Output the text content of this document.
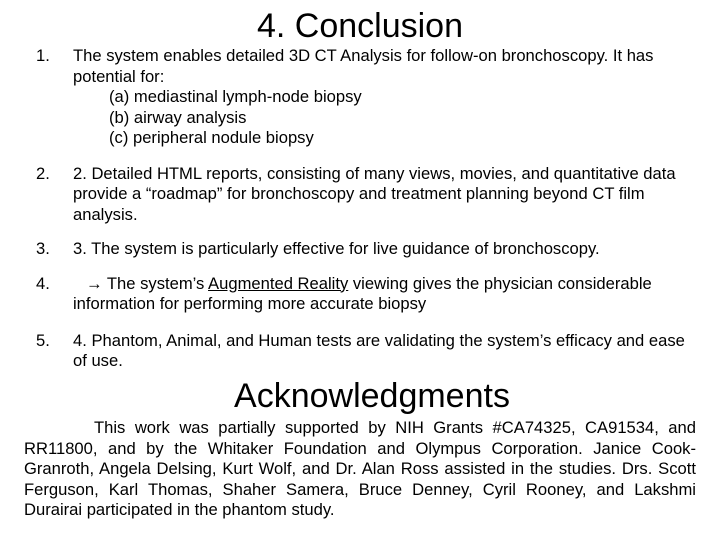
4. Conclusion
1. The system enables detailed 3D CT Analysis for follow-on bronchoscopy. It has potential for:
(a) mediastinal lymph-node biopsy
(b) airway analysis
(c) peripheral nodule biopsy
2. 2. Detailed HTML reports, consisting of many views, movies, and quantitative data provide a “roadmap” for bronchoscopy and treatment planning beyond CT film analysis.
3. 3. The system is particularly effective for live guidance of bronchoscopy.
4.	→ The system’s Augmented Reality viewing gives the physician considerable information for performing more accurate biopsy
5. 4. Phantom, Animal, and Human tests are validating the system’s efficacy and ease of use.
Acknowledgments
This work was partially supported by NIH Grants #CA74325, CA91534, and RR11800, and by the Whitaker Foundation and Olympus Corporation. Janice Cook-Granroth, Angela Delsing, Kurt Wolf, and Dr. Alan Ross assisted in the studies. Drs. Scott Ferguson, Karl Thomas, Shaher Samera, Bruce Denney, Cyril Rooney, and Lakshmi Durairai participated in the phantom study.
